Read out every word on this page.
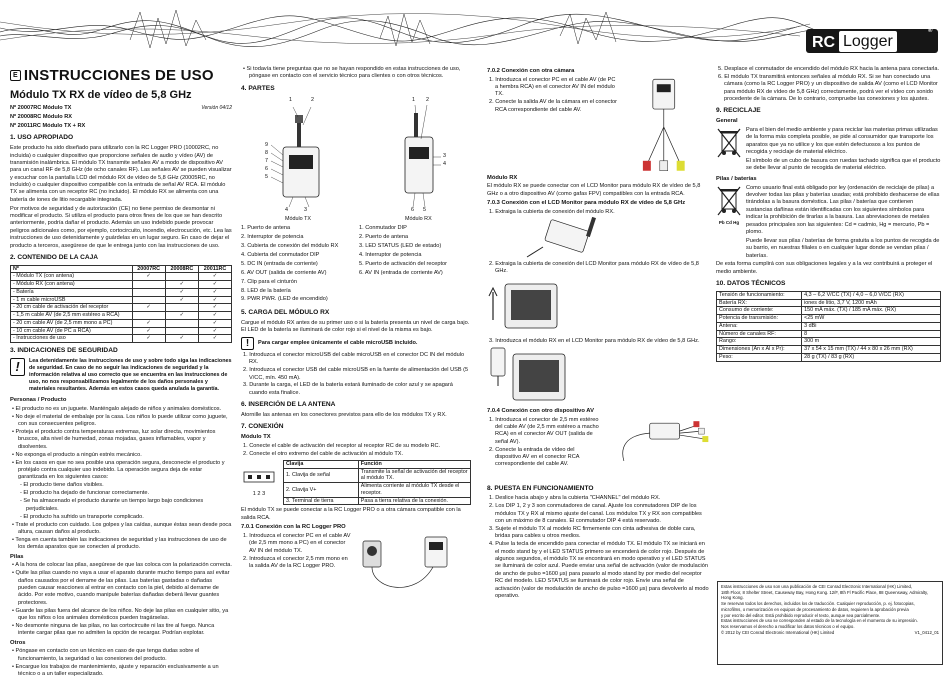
RC Logger
®
E INSTRUCCIONES DE USO
Módulo TX RX de vídeo de 5,8 GHz

Nº 20007RC Módulo TX

Nº 20008RC Módulo RX

Nº 20011RC Módulo TX + RX

Versión 04/12
1. USO APROPIADO

Este producto ha sido diseñado para utilizarlo con la RC Logger PRO (10002RC, no incluida) o cualquier dispositivo que proporcione señales de audio y vídeo (AV) de transmisión inalámbrica. El módulo TX transmite señales AV a modo de dispositivo AV para un canal RF de 5,8 GHz (de ocho canales RF). Las señales AV se pueden visualizar y escuchar con la pantalla LCD del módulo RX de vídeo de 5,8 GHz (20005RC, no incluido) o cualquier dispositivo compatible con la entrada de señal AV RCA. El módulo TX se alimenta con un receptor RC (no incluido). El módulo RX se alimenta con una batería de iones de litio recargable integrada.

Por motivos de seguridad y de autorización (CE) no tiene permiso de desmontar ni modificar el producto. Si utiliza el producto para otros fines de los que se han descrito anteriormente, podría dañar el producto. Además un uso indebido puede provocar peligros adicionales como, por ejemplo, cortocircuito, incendio, electrocución, etc. Lea las instrucciones de uso detenidamente y guárdelas en un lugar seguro. En caso de dejar el producto a terceros, asegúrese de que le entrega junto con las instrucciones de uso.

2. CONTENIDO DE LA CAJA
Nº	20007RC	20008RC	20011RC
- Módulo TX (con antena)	✓		✓
- Módulo RX (con antena)		✓	✓
- Batería		✓	✓
- 1 m cable microUSB		✓	✓
- 20 cm cable de activación del receptor	✓		✓
- 1,5 m cable AV (de 2,5 mm estéreo a RCA)		✓	✓
- 20 cm cable AV (de 2,5 mm mono a PC)	✓		✓
- 10 cm cable AV (de PC a RCA)	✓		✓
- Instrucciones de uso	✓	✓	✓
3. INDICACIONES DE SEGURIDAD
!	Lea detenidamente las instrucciones de uso y sobre todo siga las indicaciones de seguridad. En caso de no seguir las indicaciones de seguridad y la información relativa al uso correcto que se encuentra en las instrucciones de uso, no nos responsabilizamos legalmente de los daños personales y materiales resultantes. Además en estos casos queda anulada la garantía.

Personas / Producto

• El producto no es un juguete. Manténgalo alejado de niños y animales domésticos.

• No deje el material de embalaje por la casa. Los niños lo puede utilizar como juguete, con sus consecuentes peligros.

• Proteja el producto contra temperaturas extremas, luz solar directa, movimientos bruscos, alta nivel de humedad, zonas mojadas, gases inflamables, vapor y disolventes.

• No exponga el producto a ningún estrés mecánico.

• En los casos en que no sea posible una operación segura, desconecte el producto y protéjalo contra cualquier uso indebido. La operación segura deja de estar garantizada en los siguientes casos:

- El producto tiene daños visibles.

- El producto ha dejado de funcionar correctamente.

- Se ha almacenado el producto durante un tiempo largo bajo condiciones perjudiciales.

- El producto ha sufrido un transporte complicado.

• Trate el producto con cuidado. Los golpes y las caídas, aunque éstas sean desde poca altura, causan daños al producto.

• Tenga en cuenta también las indicaciones de seguridad y las instrucciones de uso de los demás aparatos que se conecten al producto.

Pilas

• A la hora de colocar las pilas, asegúrese de que las coloca con la polarización correcta.

• Quite las pilas cuando no vaya a usar el aparato durante mucho tiempo para así evitar daños causados por el derrame de las pilas. Las baterías gastadas o dañadas pueden causar reacciones al entrar en contacto con la piel, debido al derrame de ácido. Por este motivo, cuando manipule baterías dañadas deberá llevar guantes protectores.

• Guarde las pilas fuera del alcance de los niños. No deje las pilas en cualquier sitio, ya que los niños o los animales domésticos pueden tragárselas.

• No desmonte ninguna de las pilas, no las cortocircuite ni las tire al fuego. Nunca intente cargar pilas que no admiten la opción de recargar. Podrían explotar.

Otros

• Póngase en contacto con un técnico en caso de que tenga dudas sobre el funcionamiento, la seguridad o las conexiones del producto.

• Encargue los trabajos de mantenimiento, ajuste y reparación exclusivamente a un técnico o a un taller especializado.

• Si todavía tiene preguntas que no se hayan respondido en estas instrucciones de uso, póngase en contacto con el servicio técnico para clientes o con otros técnicos.

4. PARTES
1	2
3
4
5
6
7
8
9
1 2
3
4
5
6
Módulo TX	Módulo RX

1. Puerto de antena

2. Interruptor de potencia

3. Cubierta de conexión del módulo RX

4. Cubierta del conmutador DIP

5. DC IN (entrada de corriente)

6. AV OUT (salida de corriente AV)

7. Clip para el cinturón

8. LED de la batería

9. PWR PWR. (LED de encendido)

1. Conmutador DIP

2. Puerto de antena

3. LED STATUS (LED de estado)

4. Interruptor de potencia

5. Puerto de activación del receptor

6. AV IN (entrada de corriente AV)

5. CARGA DEL MÓDULO RX

Cargue el módulo RX antes de su primer uso o si la batería presenta un nivel de carga bajo. El LED de la batería se iluminará de color rojo si el nivel de la misma es bajo.

!	Para cargar emplee únicamente el cable microUSB incluido.

1. Introduzca el conector microUSB del cable microUSB en el conector DC IN del módulo RX.

2. Introduzca el conector USB del cable microUSB en la fuente de alimentación del USB (5 V/CC, mín. 450 mA).

3. Durante la carga, el LED de la batería estará iluminado de color azul y se apagará cuando esta finalice.

6. INSERCIÓN DE LA ANTENA

Atornille las antenas en los conectores previstos para ello de los módulos TX y RX.

7. CONEXIÓN
Módulo TX

1. Conecte el cable de activación del receptor al receptor RC de su modelo RC.

2. Conecte el otro extremo del cable de activación al módulo TX.

1 2 3
Clavija	Función
1. Clavija de señal	Transmite la señal de activación del receptor al módulo TX.
2. Clavija V+	Alimenta corriente al módulo TX desde el receptor.
3. Terminal de tierra	Pasa a tierra relativa de la conexión.

El módulo TX se puede conectar a la RC Logger PRO o a otra cámara compatible con la salida RCA.

7.0.1 Conexión con la RC Logger PRO

1. Introduzca el conector PC en el cable AV (de 2,5 mm mono a PC) en el conector AV IN del módulo TX.

2. Introduzca el conector 2,5 mm mono en la salida AV de la RC Logger PRO.

7.0.2 Conexión con otra cámara

1. Introduzca el conector PC en el cable AV (de PC a hembra RCA) en el conector AV IN del módulo TX.

2. Conecte la salida AV de la cámara en el conector RCA correspondiente del cable AV.

Módulo RX

El módulo RX se puede conectar con el LCD Monitor para módulo RX de vídeo de 5,8 GHz o a otro dispositivo AV (como gafas FPV) compatibles con la entrada RCA.

7.0.3 Conexión con el LCD Monitor para módulo RX de vídeo de 5,8 GHz

1. Extraiga la cubierta de conexión del módulo RX.

2. Extraiga la cubierta de conexión del LCD Monitor para módulo RX de vídeo de 5,8 GHz.

3. Introduzca el módulo RX en el LCD Monitor para módulo RX de vídeo de 5,8 GHz.

7.0.4 Conexión con otro dispositivo AV

1. Introduzca el conector de 2,5 mm estéreo del cable AV (de 2,5 mm estéreo a macho RCA) en el conector AV OUT (salida de señal AV).

2. Conecte la entrada de vídeo del dispositivo AV en el conector RCA correspondiente del cable AV.

8. PUESTA EN FUNCIONAMIENTO

1. Deslice hacia abajo y abra la cubierta "CHANNEL" del módulo RX.

2. Los DIP 1, 2 y 3 son conmutadores de canal. Ajuste los conmutadores DIP de los módulos TX y RX al mismo ajuste del canal. Los módulos TX y RX son compatibles con un máximo de 8 canales. El conmutador DIP 4 está reservado.

3. Sujete el módulo TX al modelo RC firmemente con cinta adhesiva de doble cara, bridas para cables u otros medios.

4. Pulse la tecla de encendido para conectar el módulo TX. El módulo TX se iniciará en el modo stand by y el LED STATUS primero se encenderá de color rojo. Después de algunos segundos, el módulo TX se encontrará en modo operativo y el LED STATUS se iluminará de color azul. Puede enviar una señal de activación (valor de modulación de ancho de pulso =1600 μs) para pasarlo al modo stand by por medio del receptor RC del modelo. LED STATUS se iluminará de color rojo. Envíe una señal de activación (valor de modulación de ancho de pulso =1600 μs) para devolverlo al modo operativo.

5. Desplace el conmutador de encendido del módulo RX hacia la antena para conectarla.

6. El módulo TX transmitirá entonces señales al módulo RX. Si se han conectado una cámara (como la RC Logger PRO) y un dispositivo de salida AV (como el LCD Monitor para módulo RX de vídeo de 5,8 GHz) correctamente, podrá ver el vídeo con sonido procedente de la cámara. De lo contrario, compruebe las conexiones y los ajustes.

9. RECICLAJE
General

Para el bien del medio ambiente y para reciclar las materias primas utilizadas de la forma más completa posible, se pide al consumidor que transporte los aparatos que ya no utilice y los que estén defectuosos a los puntos de recogida y reciclaje de material eléctrico.

El símbolo de un cubo de basura con ruedas tachado significa que el producto se debe llevar al punto de recogida de material eléctrico.

Pilas / baterías
Pb Cd Hg

Como usuario final está obligado por ley (ordenación de reciclaje de pilas) a devolver todas las pilas y baterías usadas; está prohibido deshacerse de ellas tirándolas a la basura doméstica. Las pilas / baterías que contienen sustancias dañinas están identificadas con los siguientes símbolos para indicar la prohibición de tirarlas a la basura. Las abreviaciones de metales pesados principales son las siguientes: Cd = cadmio, Hg = mercurio, Pb = plomo.

Puede llevar sus pilas / baterías de forma gratuita a los puntos de recogida de su barrio, en nuestras filiales o en cualquier lugar donde se vendan pilas / baterías.

De esta forma cumplirá con sus obligaciones legales y a la vez contribuirá a proteger el medio ambiente.

10. DATOS TÉCNICOS
Tensión de funcionamiento:	4,3 – 6,2 V/CC (TX) / 4,0 – 6,0 V/CC (RX)
Batería RX:	iones de litio, 3,7 V, 1200 mAh
Consumo de corriente:	150 mA máx. (TX) / 185 mA máx. (RX)
Potencia de transmisión:	<25 mW
Antena:	3 dBi
Número de canales RF:	8
Rango:	300 m
Dimensiones (An x Al x Pr):	37 x 54 x 15 mm (TX) / 44 x 80 x 26 mm (RX)
Peso:	28 g (TX) / 83 g (RX)
Estas instrucciones de uso son una publicación de CEI Conrad Electronic International (HK) Limited,
18th Floor, 8 Shelter Street, Causeway Bay, Hong Kong. 12/F, 8th Fl Pacific Place, 88 Queensway, Admiralty, Hong Kong.
Se reservan todos los derechos, incluidos los de traducción. Cualquier reproducción, p. ej. fotocopias,
microfilms, o memorización en equipos de procesamiento de datos, requieren la aprobación previa
y por escrito del editor. Está prohibido reproducir el texto, aunque sea parcialmente.
Estas instrucciones de uso se corresponden al estado de la tecnología en el momento de su impresión.
Nos reservamos el derecho a modificar los datos técnicos o el equipo.
© 2012 by CEI Conrad Electronic International (HK) Limited	V1_0412_01
